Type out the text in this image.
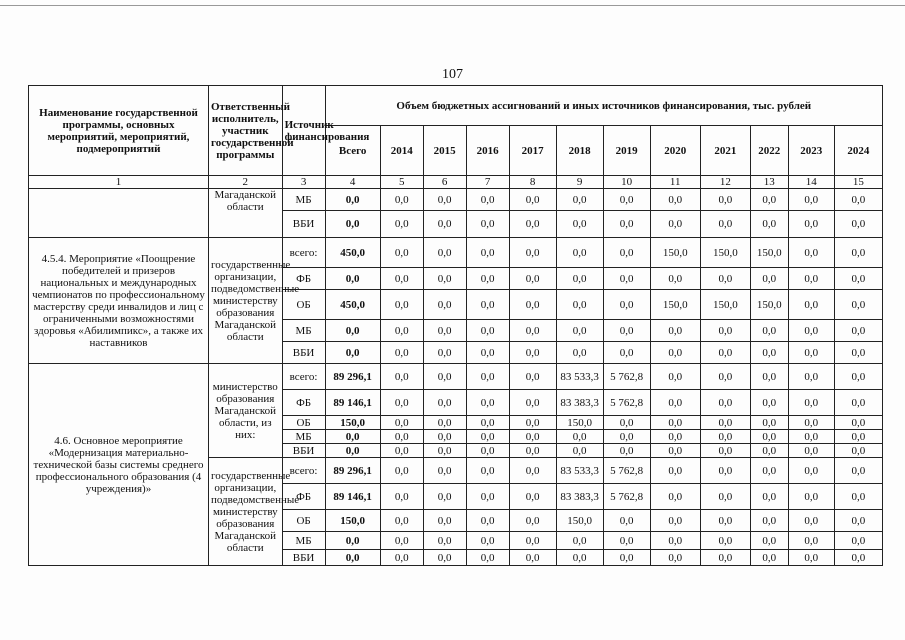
107
Наименование государственной программы, основных мероприятий, мероприятий, подмероприятий	Ответственный исполнитель, участник государственной программы	Источник финансирования	Объем бюджетных ассигнований и иных источников финансирования, тыс. рублей											
			Всего	2014	2015	2016	2017	2018	2019	2020	2021	2022	2023	2024
1	2	3	4	5	6	7	8	9	10	11	12	13	14	15
	Магаданской области	МБ	0,0	0,0	0,0	0,0	0,0	0,0	0,0	0,0	0,0	0,0	0,0	0,0
		ВБИ	0,0	0,0	0,0	0,0	0,0	0,0	0,0	0,0	0,0	0,0	0,0	0,0
4.5.4. Мероприятие «Поощрение победителей и призеров национальных и международных чемпионатов по профессиональному мастерству среди инвалидов и лиц с ограниченными возможностями здоровья «Абилимпикс», а также их наставников	государственные организации, подведомственные министерству образования Магаданской области	всего:	450,0	0,0	0,0	0,0	0,0	0,0	0,0	150,0	150,0	150,0	0,0	0,0
		ФБ	0,0	0,0	0,0	0,0	0,0	0,0	0,0	0,0	0,0	0,0	0,0	0,0
		ОБ	450,0	0,0	0,0	0,0	0,0	0,0	0,0	150,0	150,0	150,0	0,0	0,0
		МБ	0,0	0,0	0,0	0,0	0,0	0,0	0,0	0,0	0,0	0,0	0,0	0,0
		ВБИ	0,0	0,0	0,0	0,0	0,0	0,0	0,0	0,0	0,0	0,0	0,0	0,0
4.6. Основное мероприятие «Модернизация материально-технической базы системы среднего профессионального образования (4 учреждения)»	министерство образования Магаданской области, из них:	всего:	89 296,1	0,0	0,0	0,0	0,0	83 533,3	5 762,8	0,0	0,0	0,0	0,0	0,0
		ФБ	89 146,1	0,0	0,0	0,0	0,0	83 383,3	5 762,8	0,0	0,0	0,0	0,0	0,0
		ОБ	150,0	0,0	0,0	0,0	0,0	150,0	0,0	0,0	0,0	0,0	0,0	0,0
		МБ	0,0	0,0	0,0	0,0	0,0	0,0	0,0	0,0	0,0	0,0	0,0	0,0
		ВБИ	0,0	0,0	0,0	0,0	0,0	0,0	0,0	0,0	0,0	0,0	0,0	0,0
	государственные организации, подведомственные министерству образования Магаданской области	всего:	89 296,1	0,0	0,0	0,0	0,0	83 533,3	5 762,8	0,0	0,0	0,0	0,0	0,0
		ФБ	89 146,1	0,0	0,0	0,0	0,0	83 383,3	5 762,8	0,0	0,0	0,0	0,0	0,0
		ОБ	150,0	0,0	0,0	0,0	0,0	150,0	0,0	0,0	0,0	0,0	0,0	0,0
		МБ	0,0	0,0	0,0	0,0	0,0	0,0	0,0	0,0	0,0	0,0	0,0	0,0
		ВБИ	0,0	0,0	0,0	0,0	0,0	0,0	0,0	0,0	0,0	0,0	0,0	0,0
